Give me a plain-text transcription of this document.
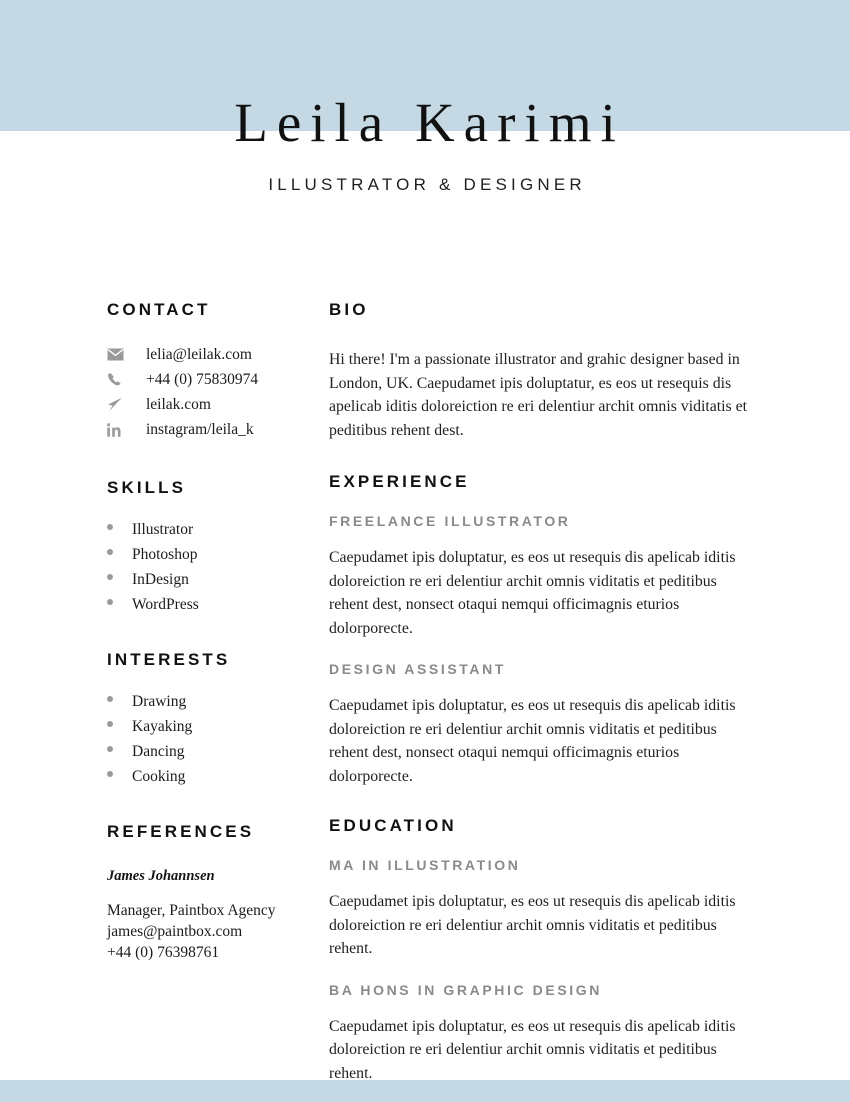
Leila Karimi
ILLUSTRATOR & DESIGNER
CONTACT
lelia@leilak.com
+44 (0) 75830974
leilak.com
instagram/leila_k
SKILLS
Illustrator
Photoshop
InDesign
WordPress
INTERESTS
Drawing
Kayaking
Dancing
Cooking
REFERENCES

James Johannsen

Manager, Paintbox Agency

james@paintbox.com

+44 (0) 76398761

BIO

Hi there! I'm a passionate illustrator and grahic designer based in London, UK. Caepudamet ipis doluptatur, es eos ut resequis dis apelicab iditis doloreiction re eri delentiur archit omnis viditatis et peditibus rehent dest.

EXPERIENCE
FREELANCE ILLUSTRATOR

Caepudamet ipis doluptatur, es eos ut resequis dis apelicab iditis doloreiction re eri delentiur archit omnis viditatis et peditibus rehent dest, nonsect otaqui nemqui officimagnis eturios dolorporecte.

DESIGN ASSISTANT

Caepudamet ipis doluptatur, es eos ut resequis dis apelicab iditis doloreiction re eri delentiur archit omnis viditatis et peditibus rehent dest, nonsect otaqui nemqui officimagnis eturios dolorporecte.

EDUCATION
MA IN ILLUSTRATION

Caepudamet ipis doluptatur, es eos ut resequis dis apelicab iditis doloreiction re eri delentiur archit omnis viditatis et peditibus rehent.

BA HONS IN GRAPHIC DESIGN

Caepudamet ipis doluptatur, es eos ut resequis dis apelicab iditis doloreiction re eri delentiur archit omnis viditatis et peditibus rehent.
